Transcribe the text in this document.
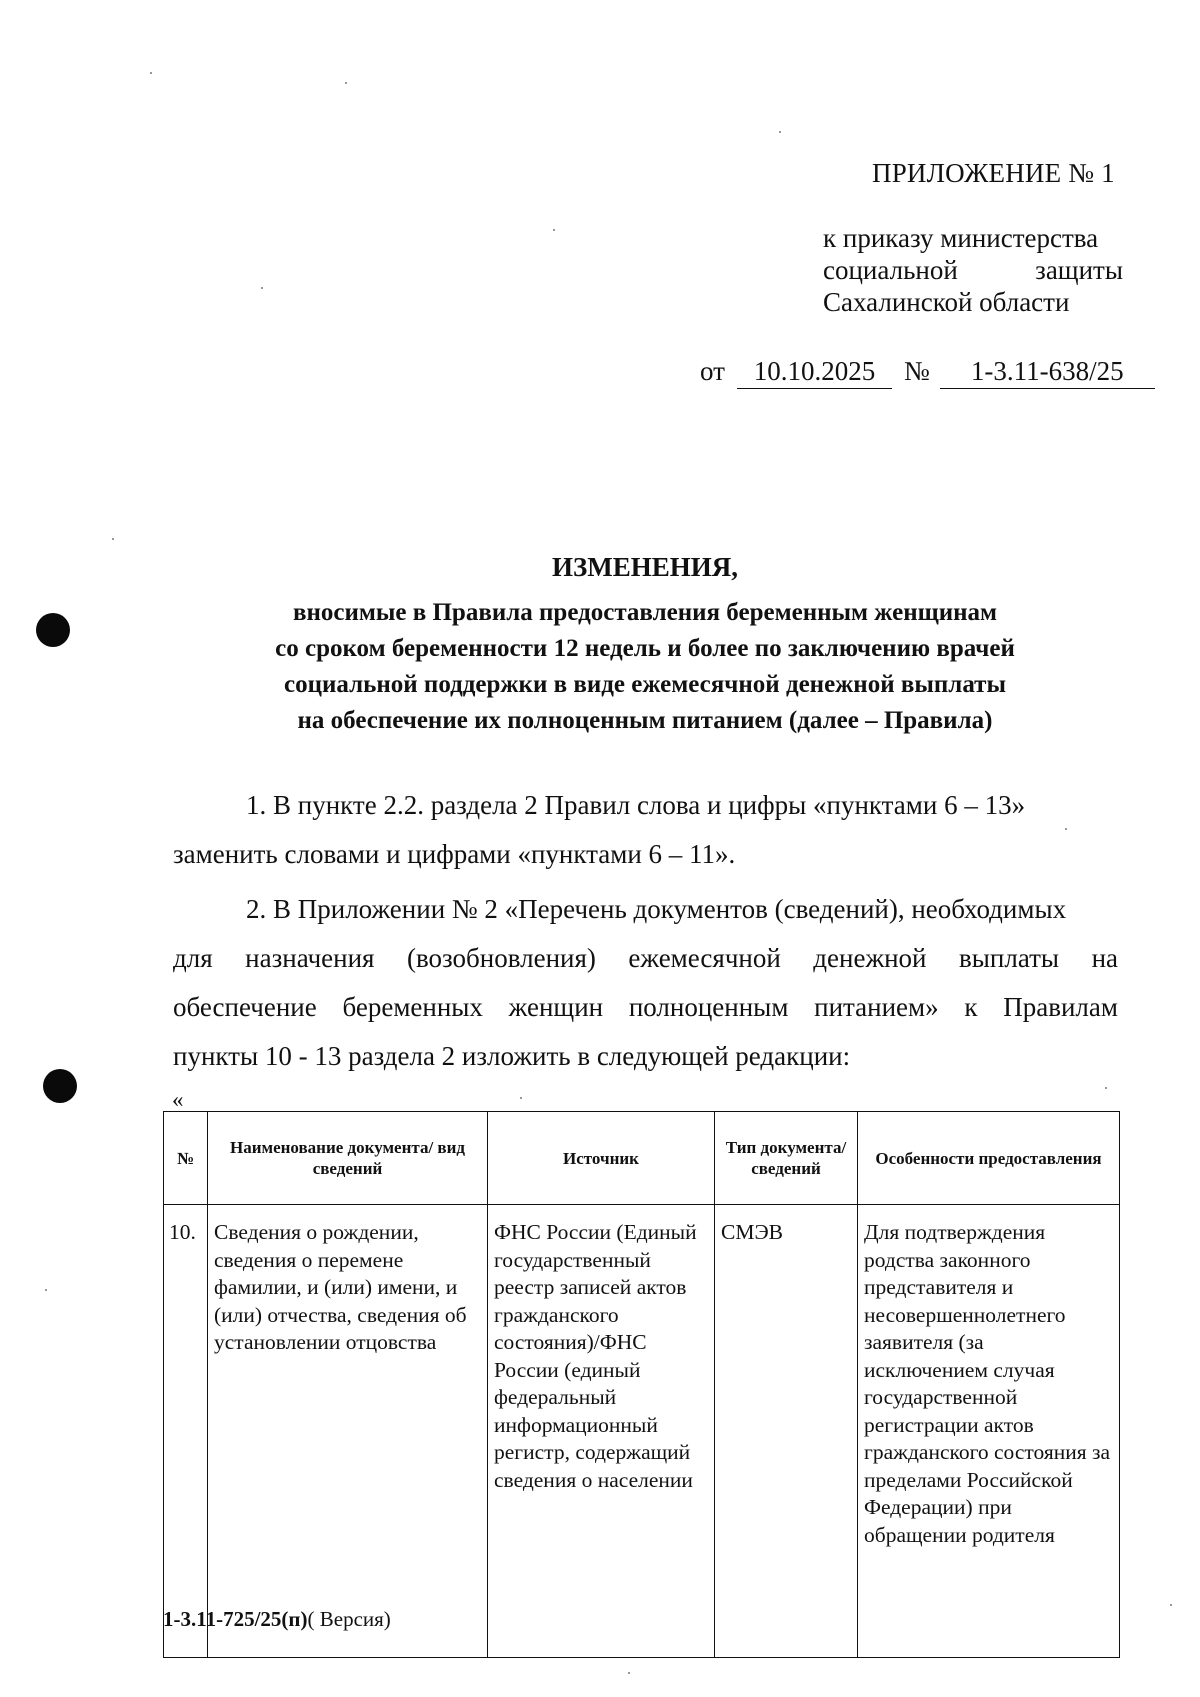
ПРИЛОЖЕНИЕ № 1
к приказу министерства
социальной	защиты
Сахалинской области
от	10.10.2025	№	1-3.11-638/25
ИЗМЕНЕНИЯ,
вносимые в Правила предоставления беременным женщинам
со сроком беременности 12 недель и более по заключению врачей
социальной поддержки в виде ежемесячной денежной выплаты
на обеспечение их полноценным питанием (далее – Правила)
1. В пункте 2.2. раздела 2 Правил слова и цифры «пунктами 6 – 13»
заменить словами и цифрами «пунктами 6 – 11».
2. В Приложении № 2 «Перечень документов (сведений), необходимых
для назначения (возобновления) ежемесячной денежной выплаты на
обеспечение беременных женщин полноценным питанием» к Правилам
пункты 10 - 13 раздела 2 изложить в следующей редакции:
«
№	Наименование документа/ вид сведений	Источник	Тип документа/ сведений	Особенности предоставления
10.	Сведения о рождении, сведения о перемене фамилии, и (или) имени, и (или) отчества, сведения об установлении отцовства	ФНС России (Единый государственный реестр записей актов гражданского состояния)/ФНС России (единый федеральный информационный регистр, содержащий сведения о населении	СМЭВ	Для подтверждения родства законного представителя и несовершеннолетнего заявителя (за исключением случая государственной регистрации актов гражданского состояния за пределами Российской Федерации) при обращении родителя
1-3.11-725/25(п)( Версия)
